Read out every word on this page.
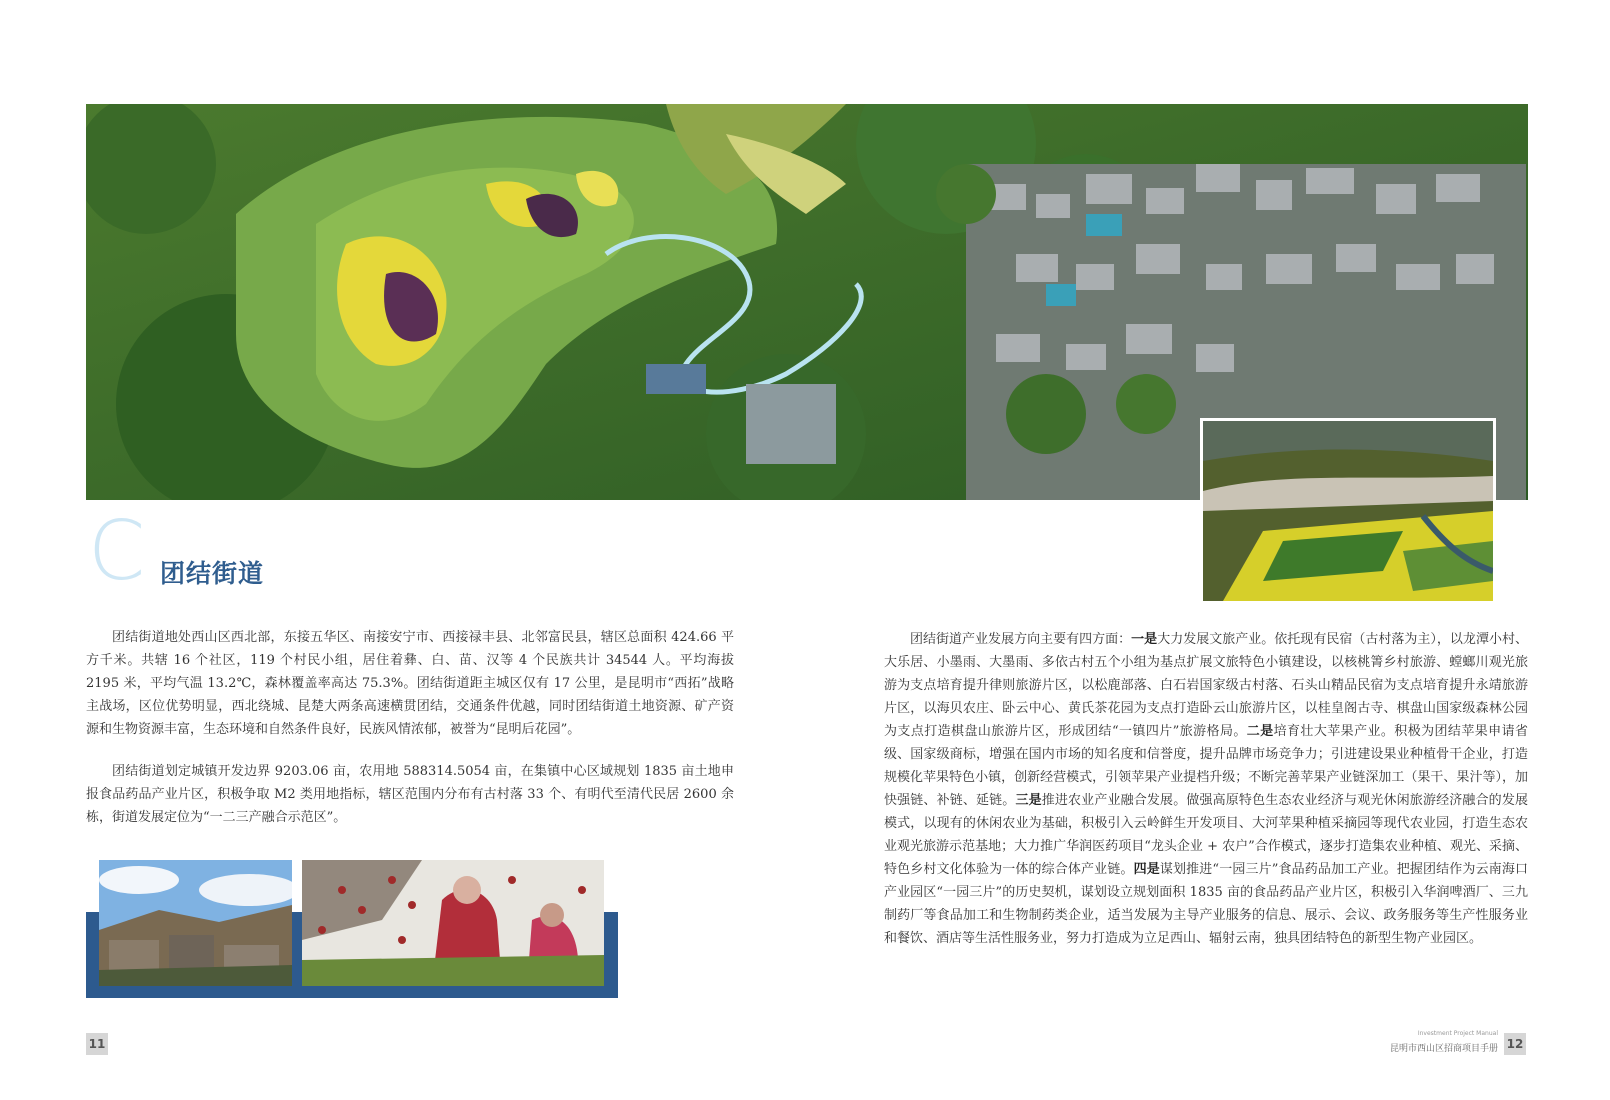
C 团结街道

团结街道地处西山区西北部，东接五华区、南接安宁市、西接禄丰县、北邻富民县，辖区总面积 424.66 平方千米。共辖 16 个社区，119 个村民小组，居住着彝、白、苗、汉等 4 个民族共计 34544 人。平均海拔 2195 米，平均气温 13.2℃，森林覆盖率高达 75.3%。团结街道距主城区仅有 17 公里，是昆明市“西拓”战略主战场，区位优势明显，西北绕城、昆楚大两条高速横贯团结，交通条件优越，同时团结街道土地资源、矿产资源和生物资源丰富，生态环境和自然条件良好，民族风情浓郁，被誉为“昆明后花园”。

团结街道划定城镇开发边界 9203.06 亩，农用地 588314.5054 亩，在集镇中心区域规划 1835 亩土地申报食品药品产业片区，积极争取 M2 类用地指标，辖区范围内分布有古村落 33 个、有明代至清代民居 2600 余栋，街道发展定位为“一二三产融合示范区”。

团结街道产业发展方向主要有四方面：一是大力发展文旅产业。依托现有民宿（古村落为主），以龙潭小村、大乐居、小墨雨、大墨雨、多依古村五个小组为基点扩展文旅特色小镇建设，以核桃箐乡村旅游、螳螂川观光旅游为支点培育提升律则旅游片区，以松鹿部落、白石岩国家级古村落、石头山精品民宿为支点培育提升永靖旅游片区，以海贝农庄、卧云中心、黄氏茶花园为支点打造卧云山旅游片区，以桂皇阁古寺、棋盘山国家级森林公园为支点打造棋盘山旅游片区，形成团结“一镇四片”旅游格局。二是培育壮大苹果产业。积极为团结苹果申请省级、国家级商标，增强在国内市场的知名度和信誉度，提升品牌市场竞争力；引进建设果业种植骨干企业，打造规模化苹果特色小镇，创新经营模式，引领苹果产业提档升级；不断完善苹果产业链深加工（果干、果汁等），加快强链、补链、延链。三是推进农业产业融合发展。做强高原特色生态农业经济与观光休闲旅游经济融合的发展模式，以现有的休闲农业为基础，积极引入云岭鲜生开发项目、大河苹果种植采摘园等现代农业园，打造生态农业观光旅游示范基地；大力推广华润医药项目“龙头企业 + 农户”合作模式，逐步打造集农业种植、观光、采摘、特色乡村文化体验为一体的综合体产业链。四是谋划推进“一园三片”食品药品加工产业。把握团结作为云南海口产业园区“一园三片”的历史契机，谋划设立规划面积 1835 亩的食品药品产业片区，积极引入华润啤酒厂、三九制药厂等食品加工和生物制药类企业，适当发展为主导产业服务的信息、展示、会议、政务服务等生产性服务业和餐饮、酒店等生活性服务业，努力打造成为立足西山、辐射云南，独具团结特色的新型生物产业园区。

11
Investment Project Manual
昆明市西山区招商项目手册 12
